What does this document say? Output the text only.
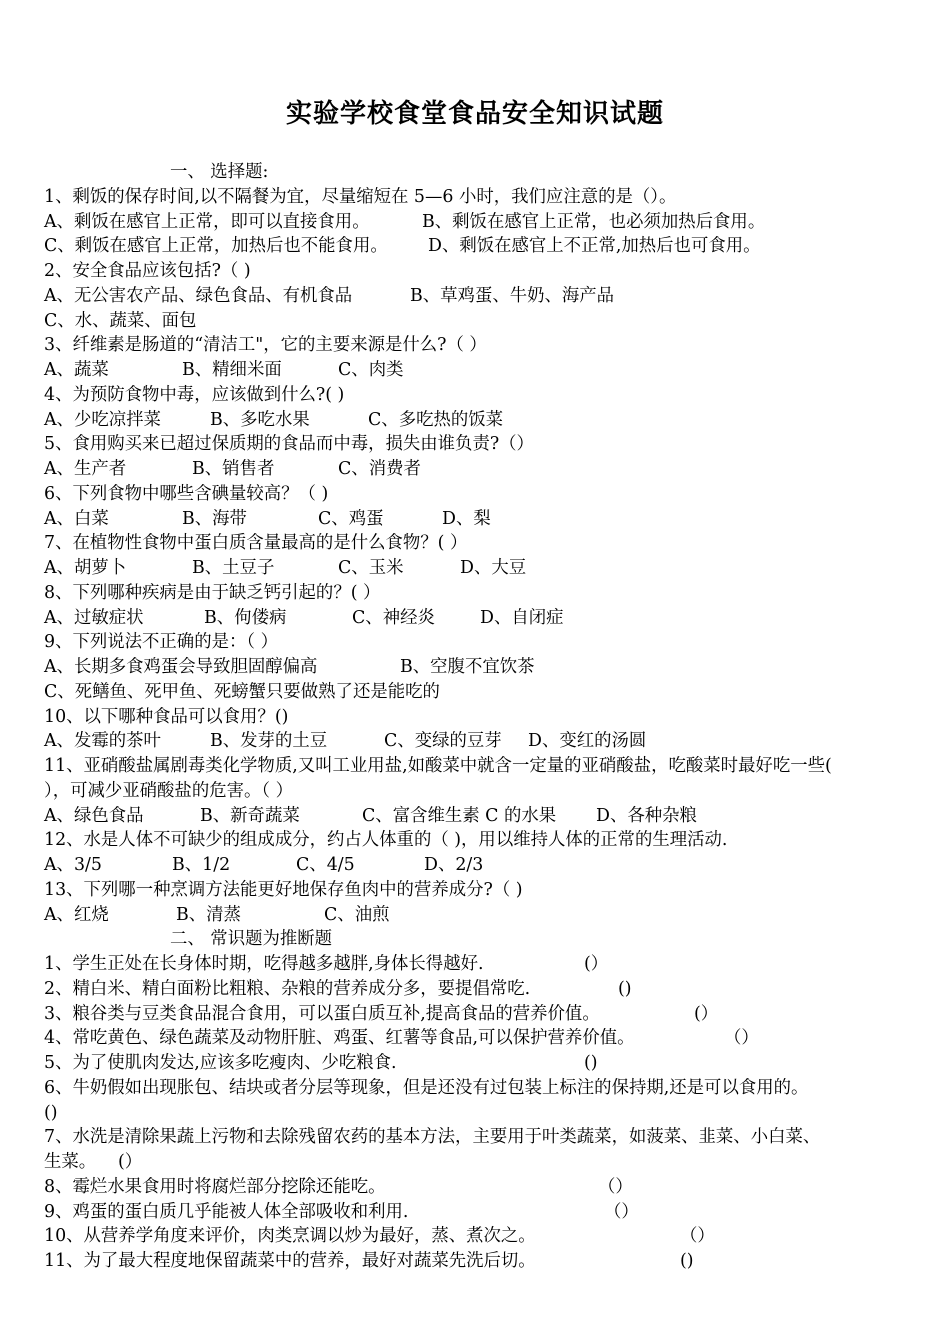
实验学校食堂食品安全知识试题
一、 选择题:
1、剩饭的保存时间,以不隔餐为宜，尽量缩短在 5—6 小时，我们应注意的是（）。
A、剩饭在感官上正常，即可以直接食用。	B、剩饭在感官上正常，也必须加热后食用。
C、剩饭在感官上正常，加热后也不能食用。 D、剩饭在感官上不正常,加热后也可食用。
2、安全食品应该包括?（ )
A、无公害农产品、绿色食品、有机食品	B、草鸡蛋、牛奶、海产品
C、水、蔬菜、面包
3、纤维素是肠道的“清洁工"，它的主要来源是什么?（ ）
A、蔬菜	B、精细米面	C、肉类
4、为预防食物中毒，应该做到什么?( )
A、少吃凉拌菜	B、多吃水果	C、多吃热的饭菜
5、食用购买来已超过保质期的食品而中毒，损失由谁负责?（）
A、生产者	B、销售者	C、消费者
6、下列食物中哪些含碘量较高？（ )
A、白菜	B、海带	C、鸡蛋	D、梨
7、在植物性食物中蛋白质含量最高的是什么食物？( ）
A、胡萝卜	B、土豆子	C、玉米	D、大豆
8、下列哪种疾病是由于缺乏钙引起的？( ）
A、过敏症状	B、佝偻病	C、神经炎	D、自闭症
9、下列说法不正确的是：（ ）
A、长期多食鸡蛋会导致胆固醇偏高	B、空腹不宜饮茶
C、死鳝鱼、死甲鱼、死螃蟹只要做熟了还是能吃的
10、以下哪种食品可以食用？()
A、发霉的茶叶	B、发芽的土豆	C、变绿的豆芽 D、变红的汤圆
11、亚硝酸盐属剧毒类化学物质,又叫工业用盐,如酸菜中就含一定量的亚硝酸盐，吃酸菜时最好吃一些(
），可减少亚硝酸盐的危害。（ ）
A、绿色食品	B、新奇蔬菜	C、富含维生素 C 的水果 D、各种杂粮
12、水是人体不可缺少的组成成分，约占人体重的（ )，用以维持人体的正常的生理活动.
A、3/5	B、1/2	C、4/5	D、2/3
13、下列哪一种烹调方法能更好地保存鱼肉中的营养成分?（ )
A、红烧	B、清蒸	C、油煎
二、 常识题为推断题
1、学生正处在长身体时期，吃得越多越胖,身体长得越好.	(）
2、精白米、精白面粉比粗粮、杂粮的营养成分多，要提倡常吃.	()
3、粮谷类与豆类食品混合食用，可以蛋白质互补,提高食品的营养价值。	(）
4、常吃黄色、绿色蔬菜及动物肝脏、鸡蛋、红薯等食品,可以保护营养价值。	（）
5、为了使肌肉发达,应该多吃瘦肉、少吃粮食.	()
6、牛奶假如出现胀包、结块或者分层等现象，但是还没有过包装上标注的保持期,还是可以食用的。
()
7、水洗是清除果蔬上污物和去除残留农药的基本方法，主要用于叶类蔬菜，如菠菜、韭菜、小白菜、
生菜。 (）
8、霉烂水果食用时将腐烂部分挖除还能吃。	（）
9、鸡蛋的蛋白质几乎能被人体全部吸收和利用.	（）
10、从营养学角度来评价，肉类烹调以炒为最好，蒸、煮次之。	（）
11、为了最大程度地保留蔬菜中的营养，最好对蔬菜先洗后切。	()
